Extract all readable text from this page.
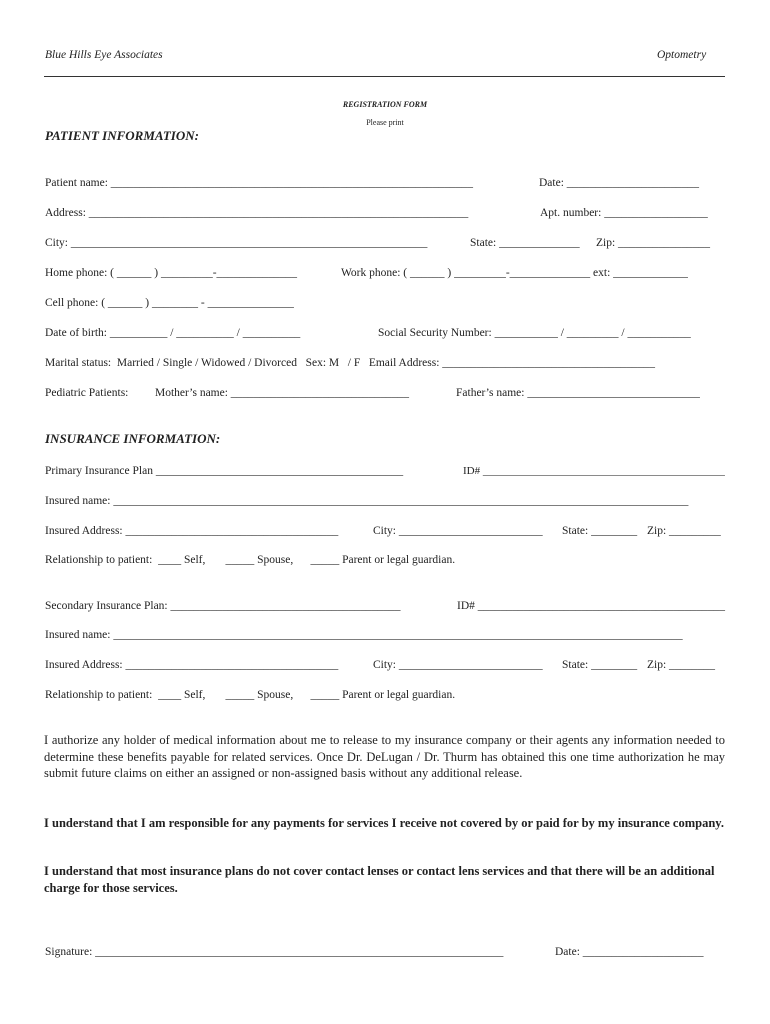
Blue Hills Eye Associates	Optometry
REGISTRATION FORM
Please print
PATIENT INFORMATION:
Patient name: _______________________________________________________________	Date: _______________________
Address: __________________________________________________________________	Apt. number: __________________
City: ______________________________________________________________	State: ______________ Zip: ________________
Home phone: ( ______ ) _________-______________	Work phone: ( ______ ) _________-______________ ext: _____________
Cell phone: ( ______ ) ________ - _______________
Date of birth: __________ / __________ / __________	Social Security Number: ___________ / _________ / ___________
Marital status:  Married / Single / Widowed / Divorced   Sex: M   / F   Email Address: _____________________________________
Pediatric Patients: Mother’s name: _______________________________	Father’s name: ______________________________
INSURANCE INFORMATION:
Primary Insurance Plan ___________________________________________	ID# ____________________________________________
Insured name: ____________________________________________________________________________________________________
Insured Address: _____________________________________	City: _________________________ State: ________ Zip: _________
Relationship to patient:  ____ Self,       _____ Spouse,      _____ Parent or legal guardian.
Secondary Insurance Plan: ________________________________________	ID# ___________________________________________
Insured name: ___________________________________________________________________________________________________
Insured Address: _____________________________________	City: _________________________ State: ________ Zip: ________
Relationship to patient:  ____ Self,       _____ Spouse,      _____ Parent or legal guardian.
I authorize any holder of medical information about me to release to my insurance company or their agents any information needed to determine these benefits payable for related services. Once Dr. DeLugan / Dr. Thurm has obtained this one time authorization he may submit future claims on either an assigned or non-assigned basis without any additional release.
I understand that I am responsible for any payments for services I receive not covered by or paid for by my insurance company.
I understand that most insurance plans do not cover contact lenses or contact lens services and that there will be an additional charge for those services.
Signature: _______________________________________________________________________	Date: _____________________
